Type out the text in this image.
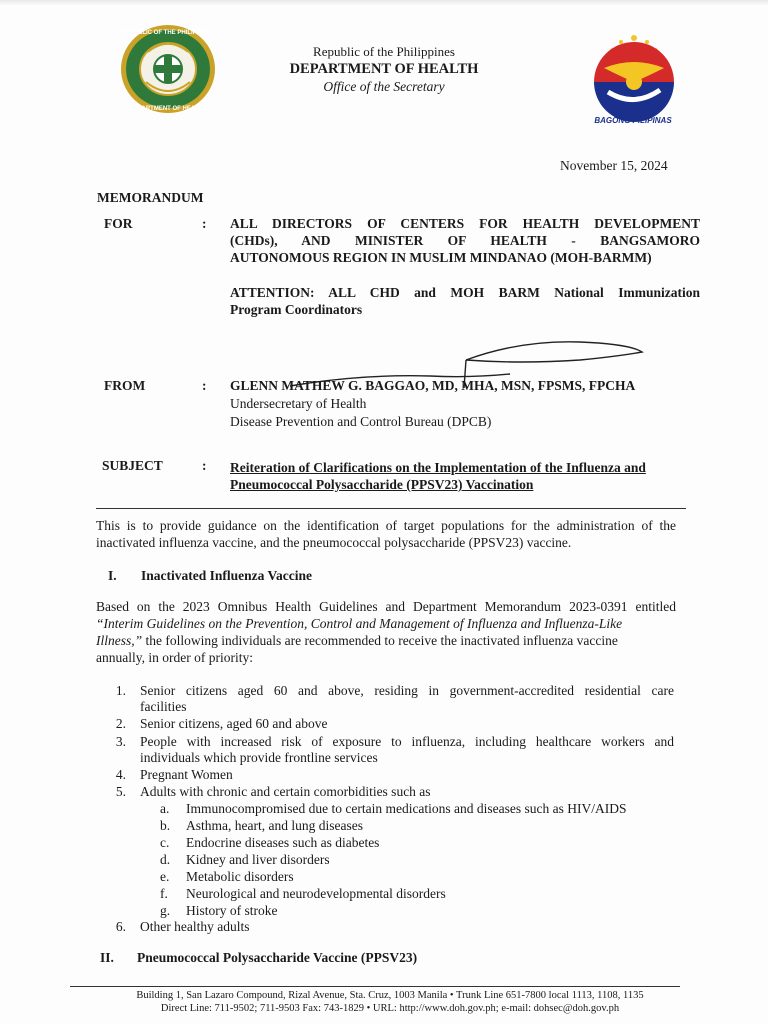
REPUBLIC OF THE PHILIPPINES
DEPARTMENT OF HEALTH
Republic of the Philippines
DEPARTMENT OF HEALTH
Office of the Secretary
BAGONG PILIPINAS
November 15, 2024
MEMORANDUM
FOR	: ALL DIRECTORS OF CENTERS FOR HEALTH DEVELOPMENT
(CHDs), AND MINISTER OF HEALTH - BANGSAMORO
AUTONOMOUS REGION IN MUSLIM MINDANAO (MOH-BARMM)
ATTENTION: ALL CHD and MOH BARM National Immunization
Program Coordinators
FROM	: GLENN MATHEW G. BAGGAO, MD, MHA, MSN, FPSMS, FPCHA
Undersecretary of Health
Disease Prevention and Control Bureau (DPCB)
SUBJECT	: Reiteration of Clarifications on the Implementation of the Influenza and
Pneumococcal Polysaccharide (PPSV23) Vaccination
This is to provide guidance on the identification of target populations for the administration of the
inactivated influenza vaccine, and the pneumococcal polysaccharide (PPSV23) vaccine.
I. Inactivated Influenza Vaccine
Based on the 2023 Omnibus Health Guidelines and Department Memorandum 2023-0391 entitled
“Interim Guidelines on the Prevention, Control and Management of Influenza and Influenza-Like
Illness,” the following individuals are recommended to receive the inactivated influenza vaccine
annually, in order of priority:
1. Senior citizens aged 60 and above, residing in government-accredited residential care
facilities
2. Senior citizens, aged 60 and above
3. People with increased risk of exposure to influenza, including healthcare workers and
individuals which provide frontline services
4. Pregnant Women
5. Adults with chronic and certain comorbidities such as
a. Immunocompromised due to certain medications and diseases such as HIV/AIDS
b. Asthma, heart, and lung diseases
c. Endocrine diseases such as diabetes
d. Kidney and liver disorders
e. Metabolic disorders
f. Neurological and neurodevelopmental disorders
g. History of stroke
6. Other healthy adults
II. Pneumococcal Polysaccharide Vaccine (PPSV23)
Building 1, San Lazaro Compound, Rizal Avenue, Sta. Cruz, 1003 Manila • Trunk Line 651-7800 local 1113, 1108, 1135
Direct Line: 711-9502; 711-9503 Fax: 743-1829 • URL: http://www.doh.gov.ph; e-mail: dohsec@doh.gov.ph
